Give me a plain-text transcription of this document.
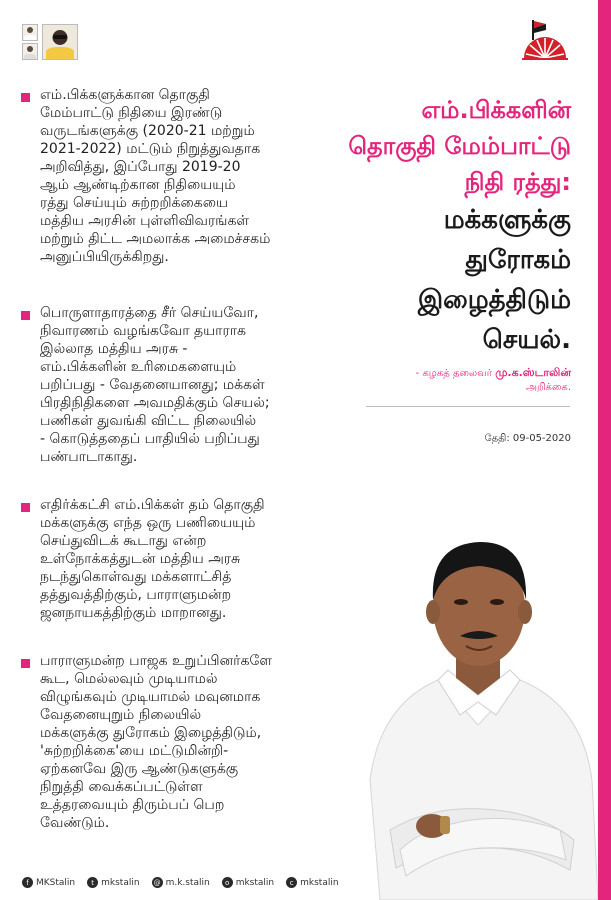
எம்.பிக்களுக்கான தொகுதி
மேம்பாட்டு நிதியை இரண்டு
வருடங்களுக்கு (2020-21 மற்றும்
2021-2022) மட்டும் நிறுத்துவதாக
அறிவித்து, இப்போது 2019-20
ஆம் ஆண்டிற்கான நிதியையும்
ரத்து செய்யும் சுற்றறிக்கையை
மத்திய அரசின் புள்ளிவிவரங்கள்
மற்றும் திட்ட அமலாக்க அமைச்சகம்
அனுப்பியிருக்கிறது.
பொருளாதாரத்தை சீர் செய்யவோ,
நிவாரணம் வழங்கவோ தயாராக
இல்லாத மத்திய அரசு -
எம்.பிக்களின் உரிமைகளையும்
பறிப்பது - வேதனையானது; மக்கள்
பிரதிநிதிகளை அவமதிக்கும் செயல்;
பணிகள் துவங்கி விட்ட நிலையில்
- கொடுத்ததைப் பாதியில் பறிப்பது
பண்பாடாகாது.
எதிர்க்கட்சி எம்.பிக்கள் தம் தொகுதி
மக்களுக்கு எந்த ஒரு பணியையும்
செய்துவிடக் கூடாது என்ற
உள்நோக்கத்துடன் மத்திய அரசு
நடந்துகொள்வது மக்களாட்சித்
தத்துவத்திற்கும், பாராளுமன்ற
ஜனநாயகத்திற்கும் மாறானது.
பாராளுமன்ற பாஜக உறுப்பினர்களே
கூட, மெல்லவும் முடியாமல்
விழுங்கவும் முடியாமல் மவுனமாக
வேதனையுறும் நிலையில்
மக்களுக்கு துரோகம் இழைத்திடும்,
'சுற்றறிக்கை'யை மட்டுமின்றி-
ஏற்கனவே இரு ஆண்டுகளுக்கு
நிறுத்தி வைக்கப்பட்டுள்ள
உத்தரவையும் திரும்பப் பெற
வேண்டும்.
எம்.பிக்களின்
தொகுதி மேம்பாட்டு
நிதி ரத்து:
மக்களுக்கு
துரோகம்
இழைத்திடும்
செயல்.
- கழகத் தலைவர் மு.க.ஸ்டாலின்
அறிக்கை.
தேதி: 09-05-2020
f MKStalin	t mkstalin @ m.k.stalin	o mkstalin	c mkstalin
